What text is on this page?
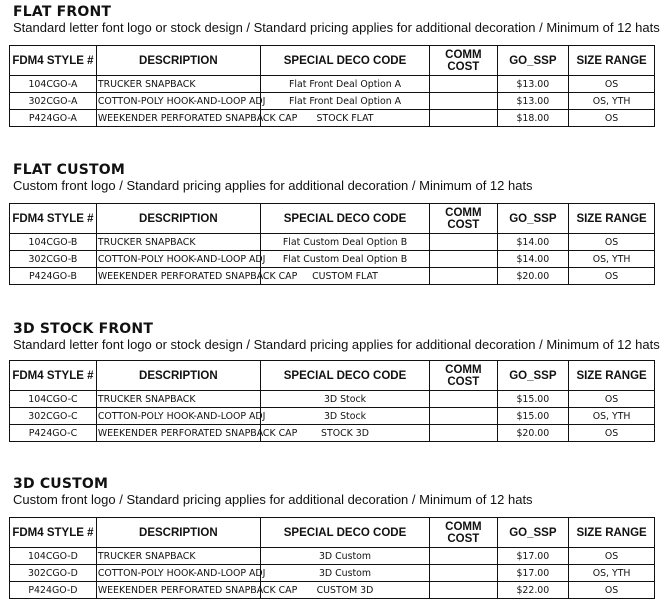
FLAT FRONT
Standard letter font logo or stock design / Standard pricing applies for additional decoration / Minimum of 12 hats
FDM4 STYLE #	DESCRIPTION	SPECIAL DECO CODE	COMM COST	GO_SSP	SIZE RANGE
104CGO-A	TRUCKER SNAPBACK	Flat Front Deal Option A		$13.00	OS
302CGO-A	COTTON-POLY HOOK-AND-LOOP ADJ	Flat Front Deal Option A		$13.00	OS, YTH
P424GO-A	WEEKENDER PERFORATED SNAPBACK CAP	STOCK FLAT		$18.00	OS
FLAT CUSTOM
Custom front logo / Standard pricing applies for additional decoration / Minimum of 12 hats
FDM4 STYLE #	DESCRIPTION	SPECIAL DECO CODE	COMM COST	GO_SSP	SIZE RANGE
104CGO-B	TRUCKER SNAPBACK	Flat Custom Deal Option B		$14.00	OS
302CGO-B	COTTON-POLY HOOK-AND-LOOP ADJ	Flat Custom Deal Option B		$14.00	OS, YTH
P424GO-B	WEEKENDER PERFORATED SNAPBACK CAP	CUSTOM FLAT		$20.00	OS
3D STOCK FRONT
Standard letter font logo or stock design / Standard pricing applies for additional decoration / Minimum of 12 hats
FDM4 STYLE #	DESCRIPTION	SPECIAL DECO CODE	COMM COST	GO_SSP	SIZE RANGE
104CGO-C	TRUCKER SNAPBACK	3D Stock		$15.00	OS
302CGO-C	COTTON-POLY HOOK-AND-LOOP ADJ	3D Stock		$15.00	OS, YTH
P424GO-C	WEEKENDER PERFORATED SNAPBACK CAP	STOCK 3D		$20.00	OS
3D CUSTOM
Custom front logo / Standard pricing applies for additional decoration / Minimum of 12 hats
FDM4 STYLE #	DESCRIPTION	SPECIAL DECO CODE	COMM COST	GO_SSP	SIZE RANGE
104CGO-D	TRUCKER SNAPBACK	3D Custom		$17.00	OS
302CGO-D	COTTON-POLY HOOK-AND-LOOP ADJ	3D Custom		$17.00	OS, YTH
P424GO-D	WEEKENDER PERFORATED SNAPBACK CAP	CUSTOM 3D		$22.00	OS
